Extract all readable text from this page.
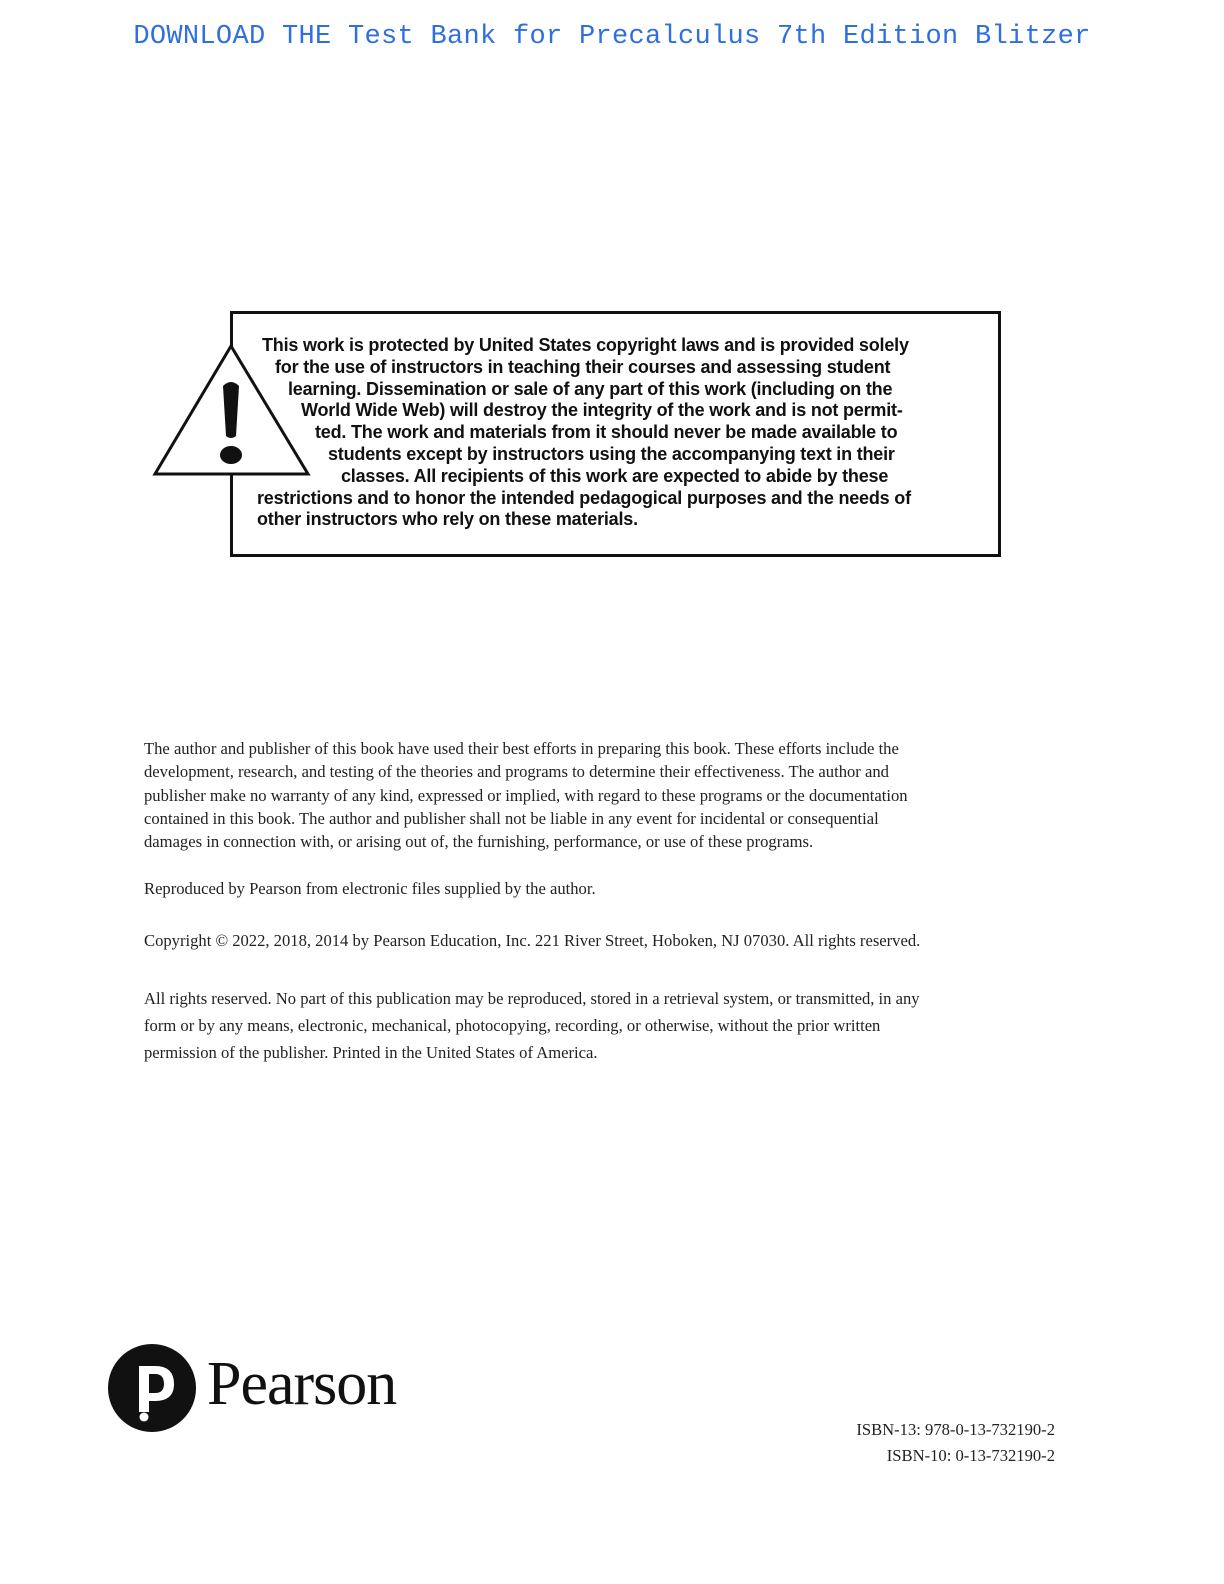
DOWNLOAD THE Test Bank for Precalculus 7th Edition Blitzer
This work is protected by United States copyright laws and is provided solely
for the use of instructors in teaching their courses and assessing student
learning. Dissemination or sale of any part of this work (including on the
World Wide Web) will destroy the integrity of the work and is not permit-
ted. The work and materials from it should never be made available to
students except by instructors using the accompanying text in their
classes. All recipients of this work are expected to abide by these
restrictions and to honor the intended pedagogical purposes and the needs of
other instructors who rely on these materials.
The author and publisher of this book have used their best efforts in preparing this book. These efforts include the
development, research, and testing of the theories and programs to determine their effectiveness. The author and
publisher make no warranty of any kind, expressed or implied, with regard to these programs or the documentation
contained in this book. The author and publisher shall not be liable in any event for incidental or consequential
damages in connection with, or arising out of, the furnishing, performance, or use of these programs.
Reproduced by Pearson from electronic files supplied by the author.
Copyright © 2022, 2018, 2014 by Pearson Education, Inc. 221 River Street, Hoboken, NJ 07030. All rights reserved.
All rights reserved. No part of this publication may be reproduced, stored in a retrieval system, or transmitted, in any
form or by any means, electronic, mechanical, photocopying, recording, or otherwise, without the prior written
permission of the publisher. Printed in the United States of America.
Pearson
ISBN-13: 978-0-13-732190-2
ISBN-10: 0-13-732190-2
